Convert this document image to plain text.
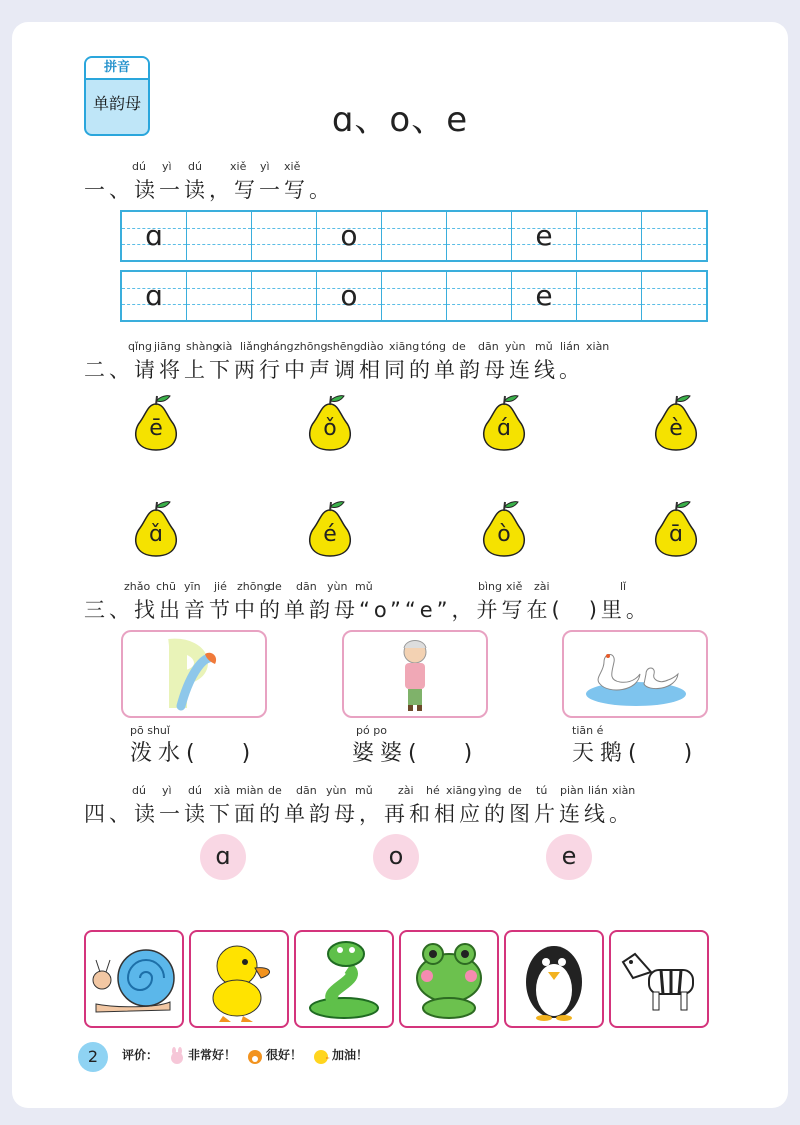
拼音
单韵母	ɑ、o、e
dú yì dú	xiě yì xiě
一、读一读，写一写。
ɑ	o	e
ɑ	o	e
qǐng jiāng shàng
xià liǎng háng zhōng shēng diào xiāng tóng de dān yùn mǔ lián xiàn
二、请将上下两行中声调相同的单韵母连线。
ē	ǒ	ɑ́	è
ɑ̌	é	ò	ɑ̄
zhǎo chū yīn jié zhōng
de dān yùn mǔ	bìng xiě zài	lǐ
三、找出音节中的单韵母“o”“e”，并写在(　)里。
pō shuǐ	pó po	tiān é
泼水(　 )	婆婆(　 )	天鹅(　 )
dú yì dú xià miàn de dān yùn mǔ zài hé xiāng yìng de tú piàn lián xiàn
四、读一读下面的单韵母，再和相应的图片连线。
ɑ	o	e
2	评价：	非常好！	很好！	加油！
